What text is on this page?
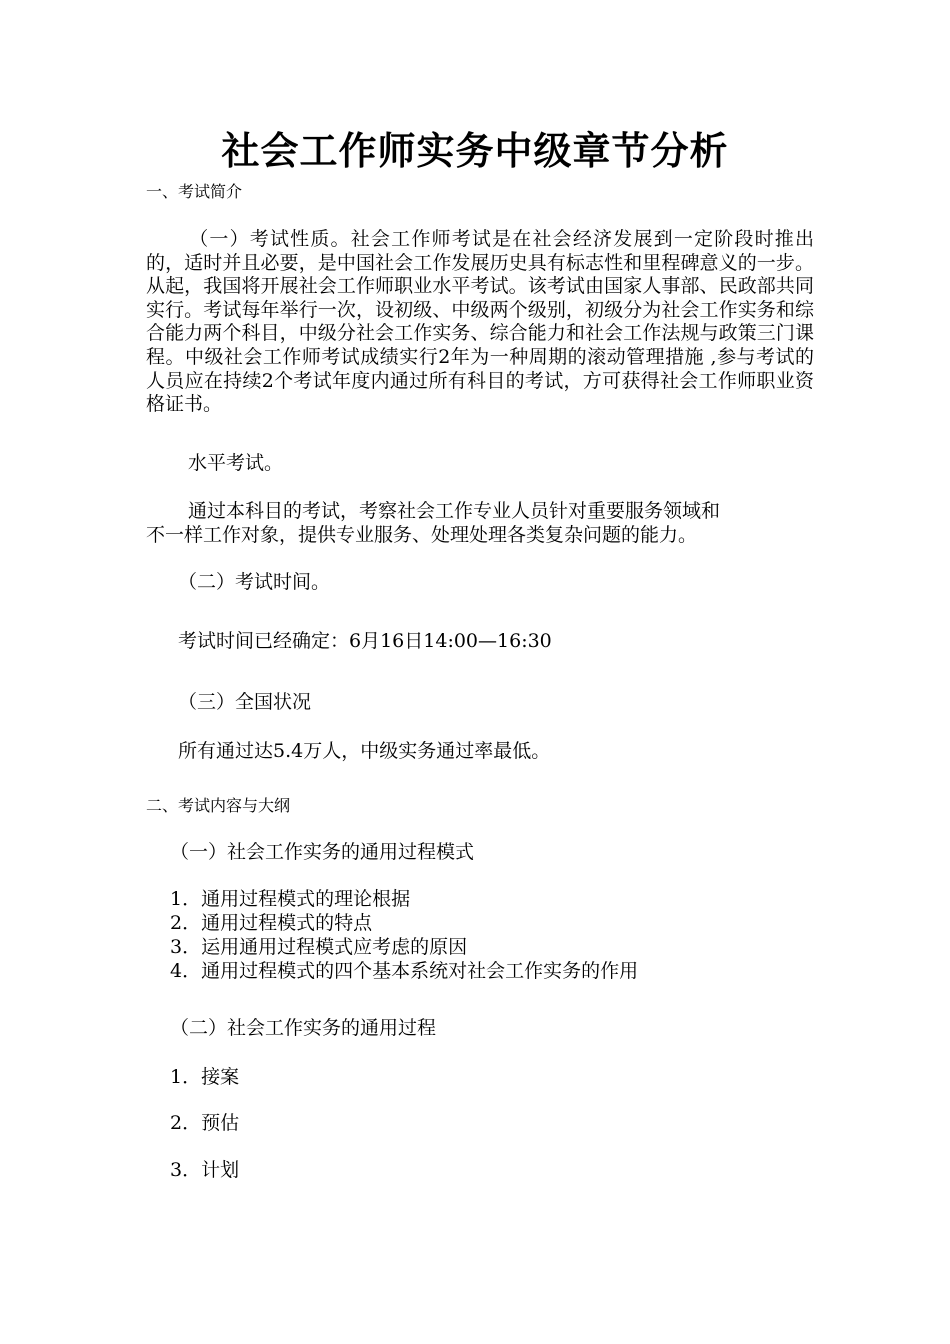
社会工作师实务中级章节分析
一、考试简介

（一）考试性质。社会工作师考试是在社会经济发展到一定阶段时推出的，适时并且必要，是中国社会工作发展历史具有标志性和里程碑意义的一步。从起，我国将开展社会工作师职业水平考试。该考试由国家人事部、民政部共同实行。考试每年举行一次，设初级、中级两个级别，初级分为社会工作实务和综合能力两个科目，中级分社会工作实务、综合能力和社会工作法规与政策三门课程。中级社会工作师考试成绩实行2年为一种周期的滚动管理措施 ,参与考试的人员应在持续2个考试年度内通过所有科目的考试，方可获得社会工作师职业资格证书。

水平考试。
通过本科目的考试，考察社会工作专业人员针对重要服务领域和
不一样工作对象，提供专业服务、处理处理各类复杂问题的能力。
（二）考试时间。
考试时间已经确定：6月16日14:00—16:30
（三）全国状况
所有通过达5.4万人，中级实务通过率最低。
二、考试内容与大纲
（一）社会工作实务的通用过程模式
1．通用过程模式的理论根据
2．通用过程模式的特点
3．运用通用过程模式应考虑的原因
4．通用过程模式的四个基本系统对社会工作实务的作用
（二）社会工作实务的通用过程
1．接案
2．预估
3．计划
